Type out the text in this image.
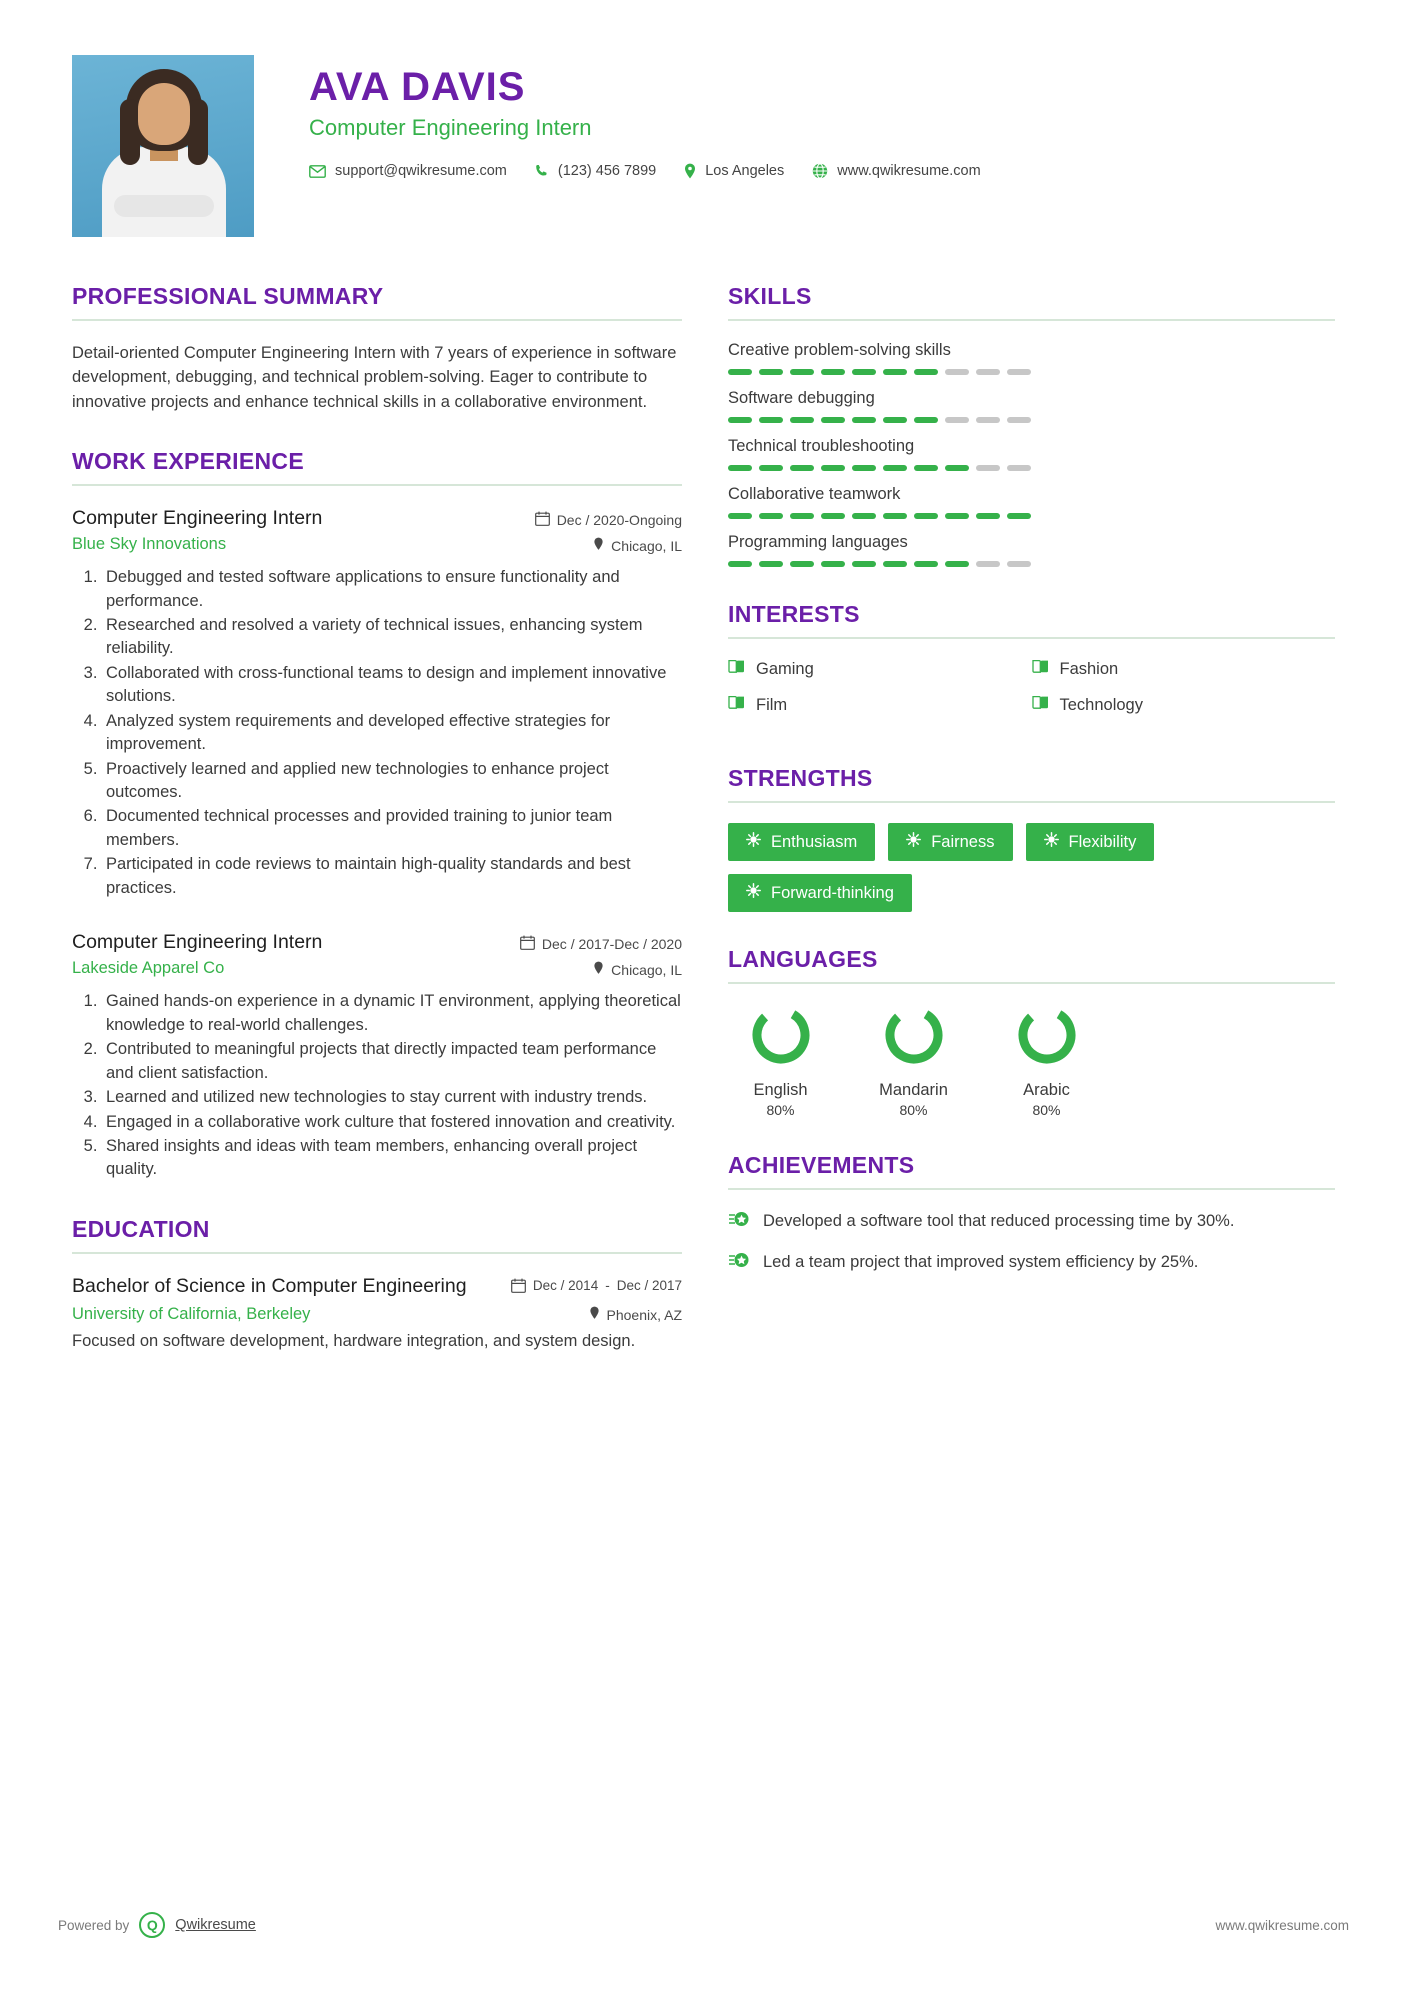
AVA DAVIS
Computer Engineering Intern
support@qwikresume.com	(123) 456 7899	Los Angeles	www.qwikresume.com
PROFESSIONAL SUMMARY

Detail-oriented Computer Engineering Intern with 7 years of experience in software development, debugging, and technical problem-solving. Eager to contribute to innovative projects and enhance technical skills in a collaborative environment.

WORK EXPERIENCE
Computer Engineering Intern	Dec / 2020-Ongoing
Blue Sky Innovations	Chicago, IL
1. Debugged and tested software applications to ensure functionality and performance.
2. Researched and resolved a variety of technical issues, enhancing system reliability.
3. Collaborated with cross-functional teams to design and implement innovative solutions.
4. Analyzed system requirements and developed effective strategies for improvement.
5. Proactively learned and applied new technologies to enhance project outcomes.
6. Documented technical processes and provided training to junior team members.
7. Participated in code reviews to maintain high-quality standards and best practices.
Computer Engineering Intern	Dec / 2017-Dec / 2020
Lakeside Apparel Co	Chicago, IL
1. Gained hands-on experience in a dynamic IT environment, applying theoretical knowledge to real-world challenges.
2. Contributed to meaningful projects that directly impacted team performance and client satisfaction.
3. Learned and utilized new technologies to stay current with industry trends.
4. Engaged in a collaborative work culture that fostered innovation and creativity.
5. Shared insights and ideas with team members, enhancing overall project quality.
EDUCATION
Bachelor of Science in Computer Engineering	Dec / 2014 - Dec / 2017
University of California, Berkeley	Phoenix, AZ
Focused on software development, hardware integration, and system design.
SKILLS
Creative problem-solving skills
Software debugging
Technical troubleshooting
Collaborative teamwork
Programming languages
INTERESTS
Gaming	Fashion
Film	Technology
STRENGTHS
Enthusiasm	Fairness	Flexibility
Forward-thinking
LANGUAGES
English
80%
Mandarin
80%
Arabic
80%
ACHIEVEMENTS
Developed a software tool that reduced processing time by 30%.
Led a team project that improved system efficiency by 25%.
Powered by	Q	Qwikresume	www.qwikresume.com
